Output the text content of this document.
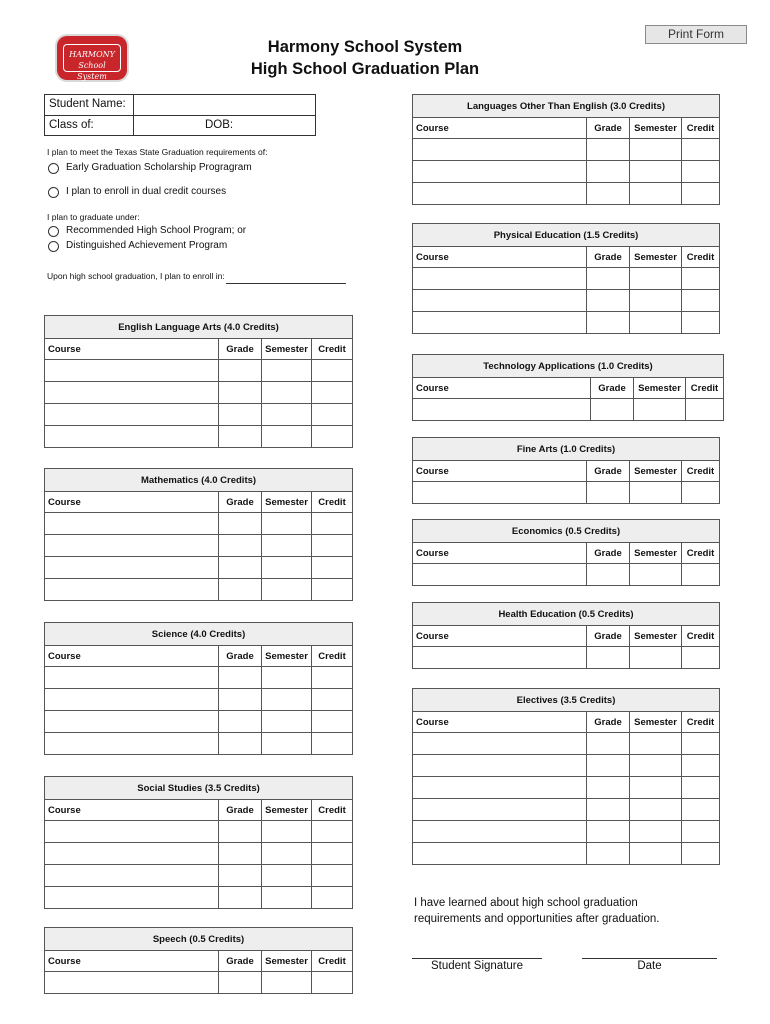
HARMONY
School System
Harmony School System
High School Graduation Plan
Print Form
Student Name:
Class of:	DOB:
I plan to meet the Texas State Graduation requirements of:
Early Graduation Scholarship Progragram
I plan to enroll in dual credit courses
I plan to graduate under:
Recommended High School Program; or
Distinguished Achievement Program
Upon high school graduation, I plan to enroll in:
English Language Arts (4.0 Credits)			
Course	Grade	Semester	Credit

Mathematics (4.0 Credits)			
Course	Grade	Semester	Credit

Science (4.0 Credits)			
Course	Grade	Semester	Credit

Social Studies (3.5 Credits)			
Course	Grade	Semester	Credit

Speech (0.5 Credits)			
Course	Grade	Semester	Credit

Languages Other Than English (3.0 Credits)			
Course	Grade	Semester	Credit

Physical Education (1.5 Credits)			
Course	Grade	Semester	Credit

Technology Applications (1.0 Credits)			
Course	Grade	Semester	Credit

Fine Arts (1.0 Credits)			
Course	Grade	Semester	Credit

Economics (0.5 Credits)			
Course	Grade	Semester	Credit

Health Education (0.5 Credits)			
Course	Grade	Semester	Credit

Electives (3.5 Credits)			
Course	Grade	Semester	Credit

I have learned about high school graduation
requirements and opportunities after graduation.
Student Signature	Date
